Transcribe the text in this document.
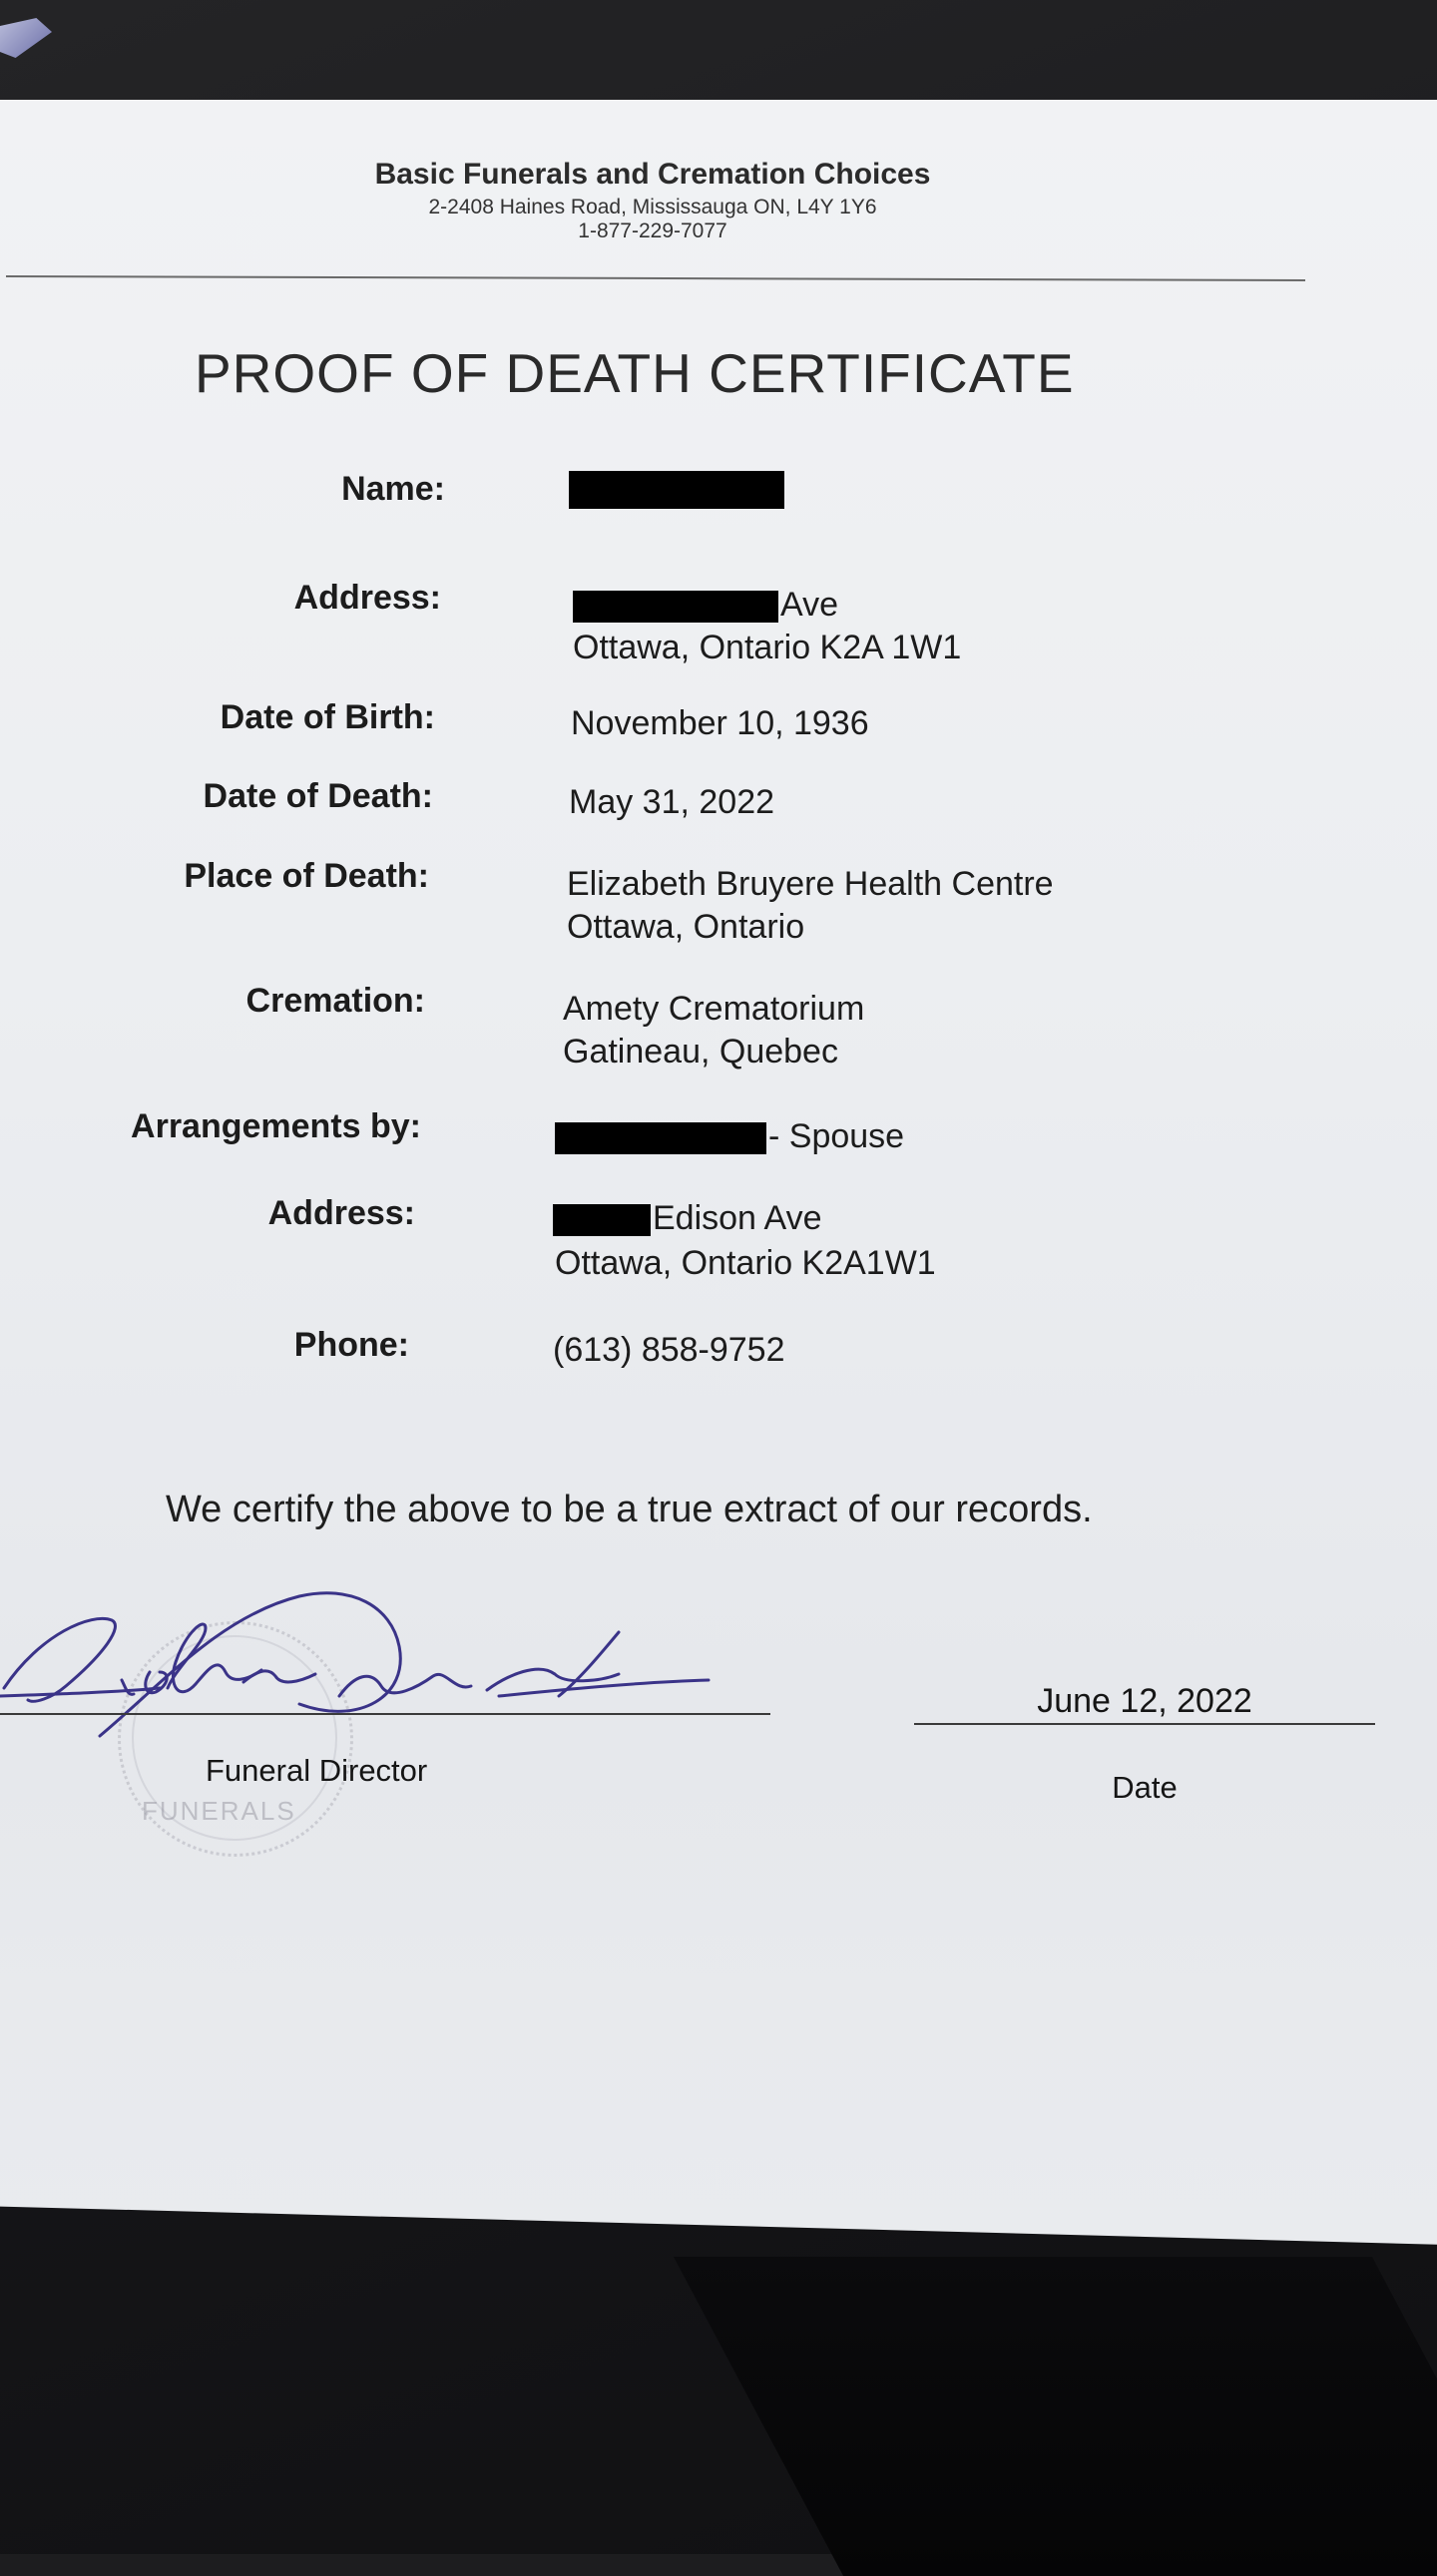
Basic Funerals and Cremation Choices
2-2408 Haines Road, Mississauga ON, L4Y 1Y6
1-877-229-7077
PROOF OF DEATH CERTIFICATE
Name:
Address:	Ave
Ottawa, Ontario K2A 1W1
Date of Birth:	November 10, 1936
Date of Death:	May 31, 2022
Place of Death:	Elizabeth Bruyere Health Centre
Ottawa, Ontario
Cremation:	Amety Crematorium
Gatineau, Quebec
Arrangements by:	- Spouse
Address:	Edison Ave
Ottawa, Ontario K2A1W1
Phone:	(613) 858-9752
We certify the above to be a true extract of our records.
FUNERALS
Funeral Director
June 12, 2022
Date
